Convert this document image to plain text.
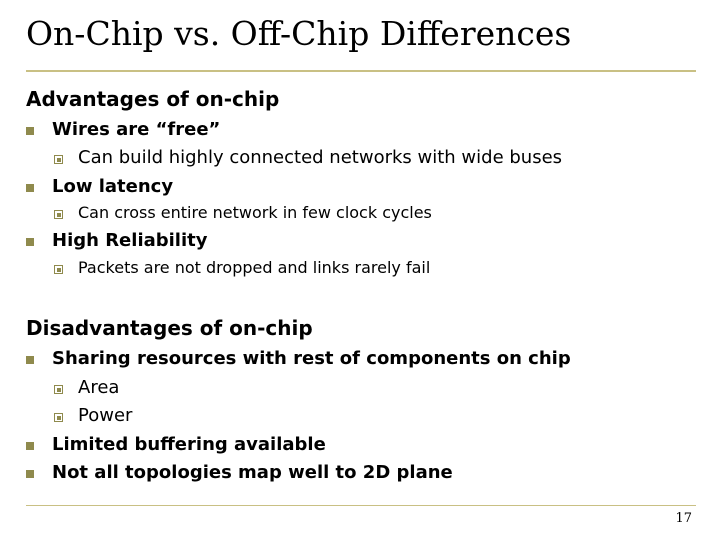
On-Chip vs. Off-Chip Differences
Advantages of on-chip
Wires are “free”
Can build highly connected networks with wide buses
Low latency
Can cross entire network in few clock cycles
High Reliability
Packets are not dropped and links rarely fail
Disadvantages of on-chip
Sharing resources with rest of components on chip
Area
Power
Limited buffering available
Not all topologies map well to 2D plane
17
